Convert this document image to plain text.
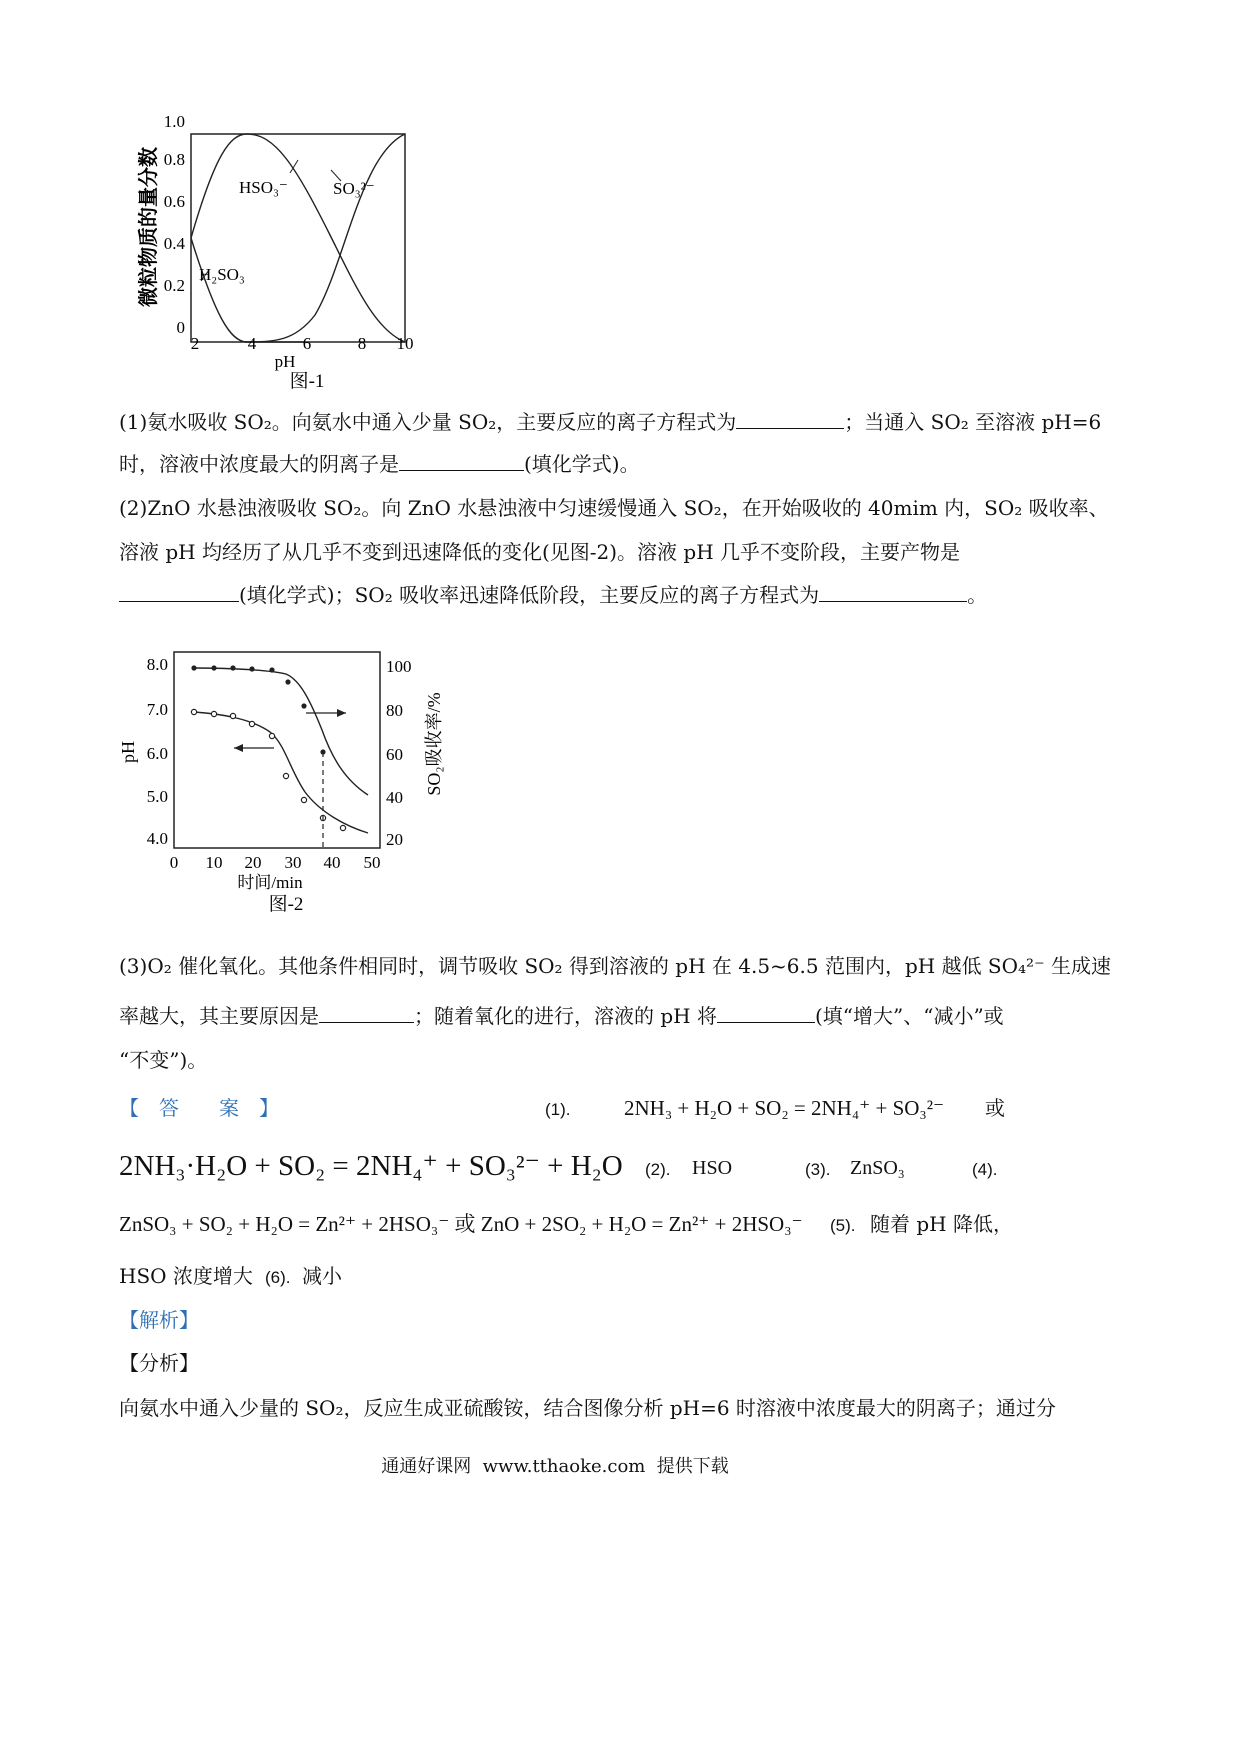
HSO₃⁻	SO₃²⁻
H₂SO₃
1.0
0.8
0.6
0.4
0.2
0
2	4	6	8 10
pH
图-1
微粒物质的量分数
(1)氨水吸收 SO₂。向氨水中通入少量 SO₂，主要反应的离子方程式为	；当通入 SO₂ 至溶液 pH=6
时，溶液中浓度最大的阴离子是	(填化学式)。
(2)ZnO 水悬浊液吸收 SO₂。向 ZnO 水悬浊液中匀速缓慢通入 SO₂，在开始吸收的 40mim 内，SO₂ 吸收率、
溶液 pH 均经历了从几乎不变到迅速降低的变化(见图-2)。溶液 pH 几乎不变阶段，主要产物是
(填化学式)；SO₂ 吸收率迅速降低阶段，主要反应的离子方程式为	。
8.0
7.0
6.0
5.0
4.0
100
80
60
40
20
0 10 20 30 40 50
时间/min
图-2
pH	SO₂吸收率/%
(3)O₂ 催化氧化。其他条件相同时，调节吸收 SO₂ 得到溶液的 pH 在 4.5~6.5 范围内，pH 越低 SO₄²⁻ 生成速
率越大，其主要原因是	；随着氧化的进行，溶液的 pH 将	(填“增大”、“减小”或
“不变”)。
【　答　　案　】	(1).	2NH₃ + H₂O + SO₂ = 2NH₄⁺ + SO₃²⁻ 或
2NH₃·H₂O + SO₂ = 2NH₄⁺ + SO₃²⁻ + H₂O (2). HSO	(3). ZnSO₃	(4).
ZnSO₃ + SO₂ + H₂O = Zn²⁺ + 2HSO₃⁻ 或 ZnO + 2SO₂ + H₂O = Zn²⁺ + 2HSO₃⁻ (5). 随着 pH 降低，
HSO 浓度增大 (6). 减小
【解析】
【分析】
向氨水中通入少量的 SO₂，反应生成亚硫酸铵，结合图像分析 pH=6 时溶液中浓度最大的阴离子；通过分
通通好课网  www.tthaoke.com  提供下载
